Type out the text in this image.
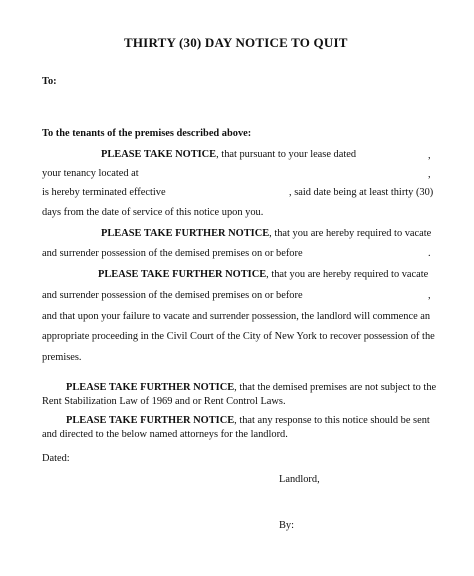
THIRTY (30) DAY NOTICE TO QUIT
To:
To the tenants of the premises described above:
PLEASE TAKE NOTICE, that pursuant to your lease dated	,
your tenancy located at	,
is hereby terminated effective	, said date being at least thirty (30)
days from the date of service of this notice upon you.
PLEASE TAKE FURTHER NOTICE, that you are hereby required to vacate
and surrender possession of the demised premises on or before	.
PLEASE TAKE FURTHER NOTICE, that you are hereby required to vacate
and surrender possession of the demised premises on or before	,
and that upon your failure to vacate and surrender possession, the landlord will commence an
appropriate proceeding in the Civil Court of the City of New York to recover possession of the
premises.
PLEASE TAKE FURTHER NOTICE, that the demised premises are not subject to the
Rent Stabilization Law of 1969 and or Rent Control Laws.
PLEASE TAKE FURTHER NOTICE, that any response to this notice should be sent
and directed to the below named attorneys for the landlord.
Dated:
Landlord,
By:
